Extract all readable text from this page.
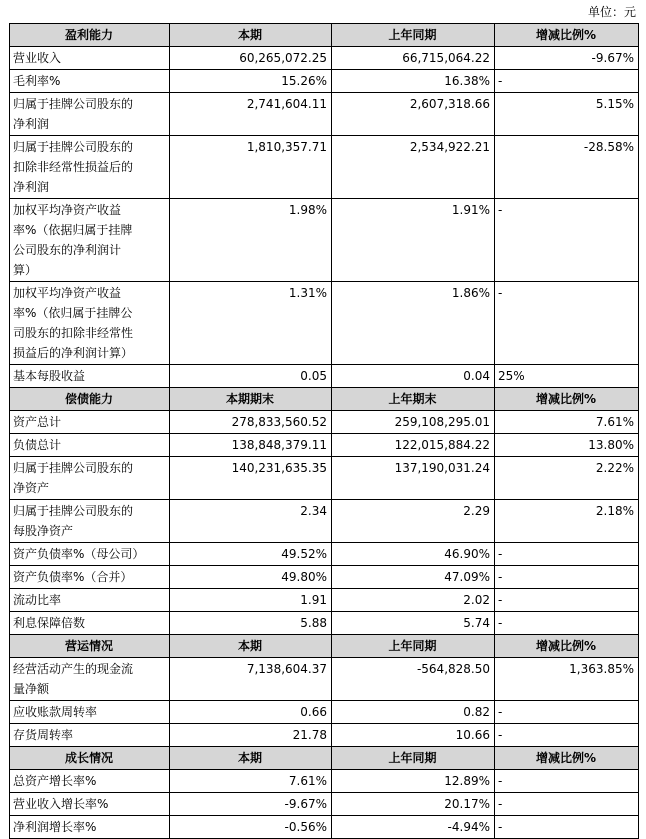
单位：元
盈利能力	本期	上年同期	增减比例%

营业收入	60,265,072.25	66,715,064.22	-9.67%

毛利率%	15.26%	16.38%	-

归属于挂牌公司股东的
净利润	2,741,604.11	2,607,318.66	5.15%

归属于挂牌公司股东的
扣除非经常性损益后的
净利润	1,810,357.71	2,534,922.21	-28.58%

加权平均净资产收益
率%（依据归属于挂牌
公司股东的净利润计
算）	1.98%	1.91%	-

加权平均净资产收益
率%（依归属于挂牌公
司股东的扣除非经常性
损益后的净利润计算）	1.31%	1.86%	-

基本每股收益	0.05	0.04	25%
偿债能力	本期期末	上年期末	增减比例%

资产总计	278,833,560.52	259,108,295.01	7.61%

负债总计	138,848,379.11	122,015,884.22	13.80%

归属于挂牌公司股东的
净资产	140,231,635.35	137,190,031.24	2.22%

归属于挂牌公司股东的
每股净资产	2.34	2.29	2.18%

资产负债率%（母公司）	49.52%	46.90%	-

资产负债率%（合并）	49.80%	47.09%	-

流动比率	1.91	2.02	-

利息保障倍数	5.88	5.74	-
营运情况	本期	上年同期	增减比例%

经营活动产生的现金流
量净额	7,138,604.37	-564,828.50	1,363.85%

应收账款周转率	0.66	0.82	-

存货周转率	21.78	10.66	-
成长情况	本期	上年同期	增减比例%

总资产增长率%	7.61%	12.89%	-

营业收入增长率%	-9.67%	20.17%	-

净利润增长率%	-0.56%	-4.94%	-
